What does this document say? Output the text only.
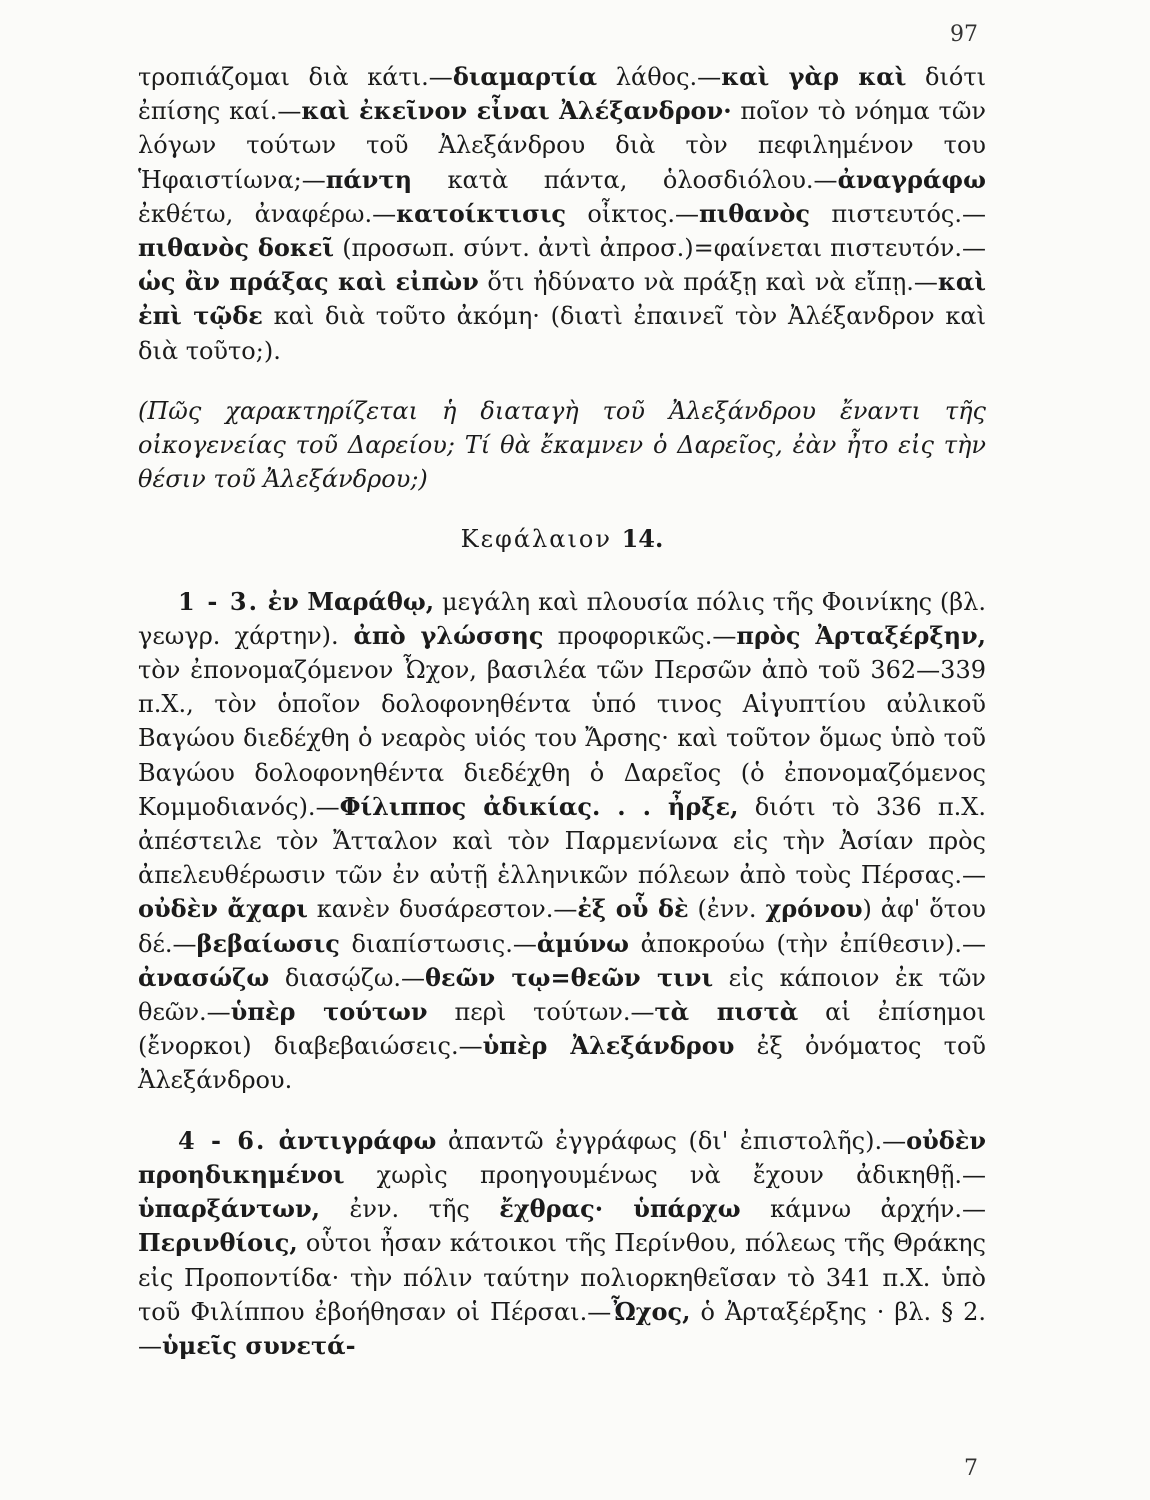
97

τροπιάζομαι διὰ κάτι.—διαμαρτία λάθος.—καὶ γὰρ καὶ διότι ἐπίσης καί.—καὶ ἐκεῖνον εἶναι Ἀλέξανδρον· ποῖον τὸ νόημα τῶν λόγων τούτων τοῦ Ἀλεξάνδρου διὰ τὸν πεφιλημένον του Ἡφαιστίωνα;—πάντη κατὰ πάντα, ὁλοσδιόλου.—ἀναγράφω ἐκθέτω, ἀναφέρω.—κατοίκτισις οἶκτος.—πιθανὸς πιστευτός.—πιθανὸς δοκεῖ (προσωπ. σύντ. ἀντὶ ἀπροσ.)=φαίνεται πιστευτόν.—ὡς ἂν πράξας καὶ εἰπὼν ὅτι ἠδύνατο νὰ πράξῃ καὶ νὰ εἴπῃ.—καὶ ἐπὶ τῷδε καὶ διὰ τοῦτο ἀκόμη· (διατὶ ἐπαινεῖ τὸν Ἀλέξανδρον καὶ διὰ τοῦτο;).

(Πῶς χαρακτηρίζεται ἡ διαταγὴ τοῦ Ἀλεξάνδρου ἔναντι τῆς οἰκογενείας τοῦ Δαρείου; Τί θὰ ἔκαμνεν ὁ Δαρεῖος, ἐὰν ἦτο εἰς τὴν θέσιν τοῦ Ἀλεξάνδρου;)

Κεφάλαιον 14.

1 - 3. ἐν Μαράθῳ, μεγάλη καὶ πλουσία πόλις τῆς Φοινίκης (βλ. γεωγρ. χάρτην). ἀπὸ γλώσσης προφορικῶς.—πρὸς Ἀρταξέρξην, τὸν ἐπονομαζόμενον Ὦχον, βασιλέα τῶν Περσῶν ἀπὸ τοῦ 362—339 π.Χ., τὸν ὁποῖον δολοφονηθέντα ὑπό τινος Αἰγυπτίου αὐλικοῦ Βαγώου διεδέχθη ὁ νεαρὸς υἱός του Ἄρσης· καὶ τοῦτον ὅμως ὑπὸ τοῦ Βαγώου δολοφονηθέντα διεδέχθη ὁ Δαρεῖος (ὁ ἐπονομαζόμενος Κομμοδιανός).—Φίλιππος ἀδικίας. . . ἦρξε, διότι τὸ 336 π.Χ. ἀπέστειλε τὸν Ἄτταλον καὶ τὸν Παρμενίωνα εἰς τὴν Ἀσίαν πρὸς ἀπελευθέρωσιν τῶν ἐν αὐτῇ ἑλληνικῶν πόλεων ἀπὸ τοὺς Πέρσας.—οὐδὲν ἄχαρι κανὲν δυσάρεστον.—ἐξ οὗ δὲ (ἐνν. χρόνου) ἀφ' ὅτου δέ.—βεβαίωσις διαπίστωσις.—ἀμύνω ἀποκρούω (τὴν ἐπίθεσιν).—ἀνασώζω διασῴζω.—θεῶν τῳ=θεῶν τινι εἰς κάποιον ἐκ τῶν θεῶν.—ὑπὲρ τούτων περὶ τούτων.—τὰ πιστὰ αἱ ἐπίσημοι (ἔνορκοι) διαβεβαιώσεις.—ὑπὲρ Ἀλεξάνδρου ἐξ ὀνόματος τοῦ Ἀλεξάνδρου.

4 - 6. ἀντιγράφω ἀπαντῶ ἐγγράφως (δι' ἐπιστολῆς).—οὐδὲν προηδικημένοι χωρὶς προηγουμένως νὰ ἔχουν ἀδικηθῇ.—ὑπαρξάντων, ἐνν. τῆς ἔχθρας· ὑπάρχω κάμνω ἀρχήν.—Περινθίοις, οὗτοι ἦσαν κάτοικοι τῆς Περίνθου, πόλεως τῆς Θράκης εἰς Προποντίδα· τὴν πόλιν ταύτην πολιορκηθεῖσαν τὸ 341 π.Χ. ὑπὸ τοῦ Φιλίππου ἐβοήθησαν οἱ Πέρσαι.—Ὦχος, ὁ Ἀρταξέρξης · βλ. § 2.—ὑμεῖς συνετά-

7
